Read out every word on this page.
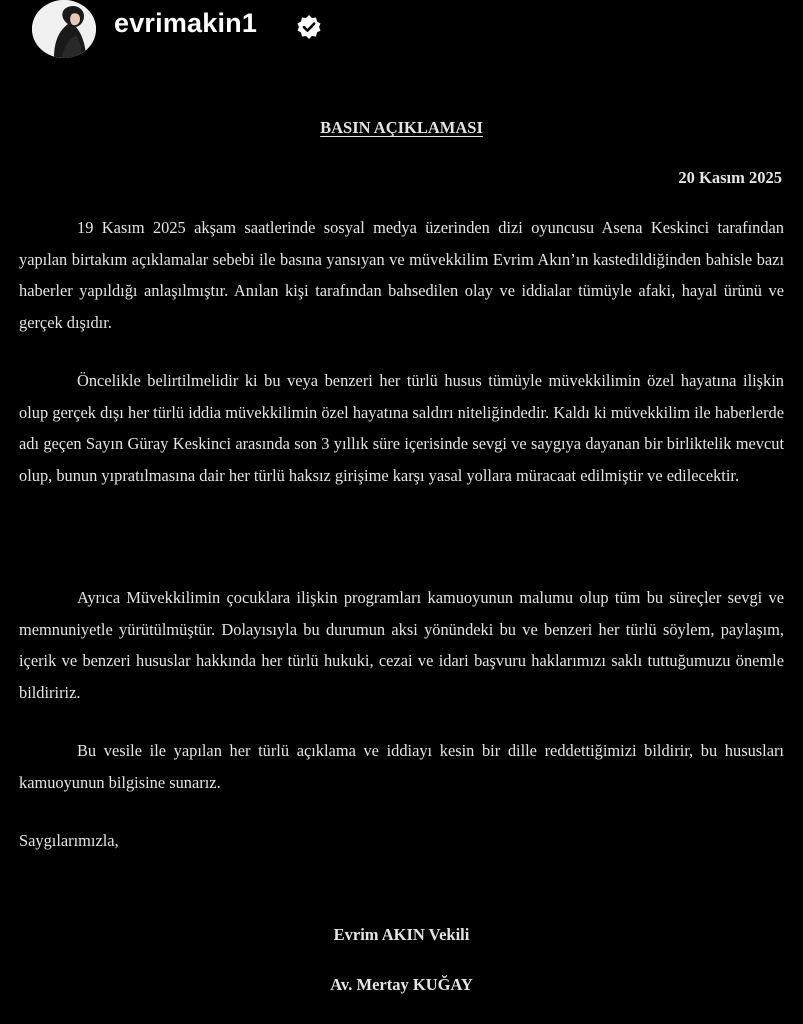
evrimakin1
BASIN AÇIKLAMASI
20 Kasım 2025

19 Kasım 2025 akşam saatlerinde sosyal medya üzerinden dizi oyuncusu Asena Keskinci tarafından yapılan birtakım açıklamalar sebebi ile basına yansıyan ve müvekkilim Evrim Akın’ın kastedildiğinden bahisle bazı haberler yapıldığı anlaşılmıştır. Anılan kişi tarafından bahsedilen olay ve iddialar tümüyle afaki, hayal ürünü ve gerçek dışıdır.

Öncelikle belirtilmelidir ki bu veya benzeri her türlü husus tümüyle müvekkilimin özel hayatına ilişkin olup gerçek dışı her türlü iddia müvekkilimin özel hayatına saldırı niteliğindedir. Kaldı ki müvekkilim ile haberlerde adı geçen Sayın Güray Keskinci arasında son 3 yıllık süre içerisinde sevgi ve saygıya dayanan bir birliktelik mevcut olup, bunun yıpratılmasına dair her türlü haksız girişime karşı yasal yollara müracaat edilmiştir ve edilecektir.

Ayrıca Müvekkilimin çocuklara ilişkin programları kamuoyunun malumu olup tüm bu süreçler sevgi ve memnuniyetle yürütülmüştür. Dolayısıyla bu durumun aksi yönündeki bu ve benzeri her türlü söylem, paylaşım, içerik ve benzeri hususlar hakkında her türlü hukuki, cezai ve idari başvuru haklarımızı saklı tuttuğumuzu önemle bildiririz.

Bu vesile ile yapılan her türlü açıklama ve iddiayı kesin bir dille reddettiğimizi bildirir, bu hususları kamuoyunun bilgisine sunarız.

Saygılarımızla,
Evrim AKIN Vekili
Av. Mertay KUĞAY
